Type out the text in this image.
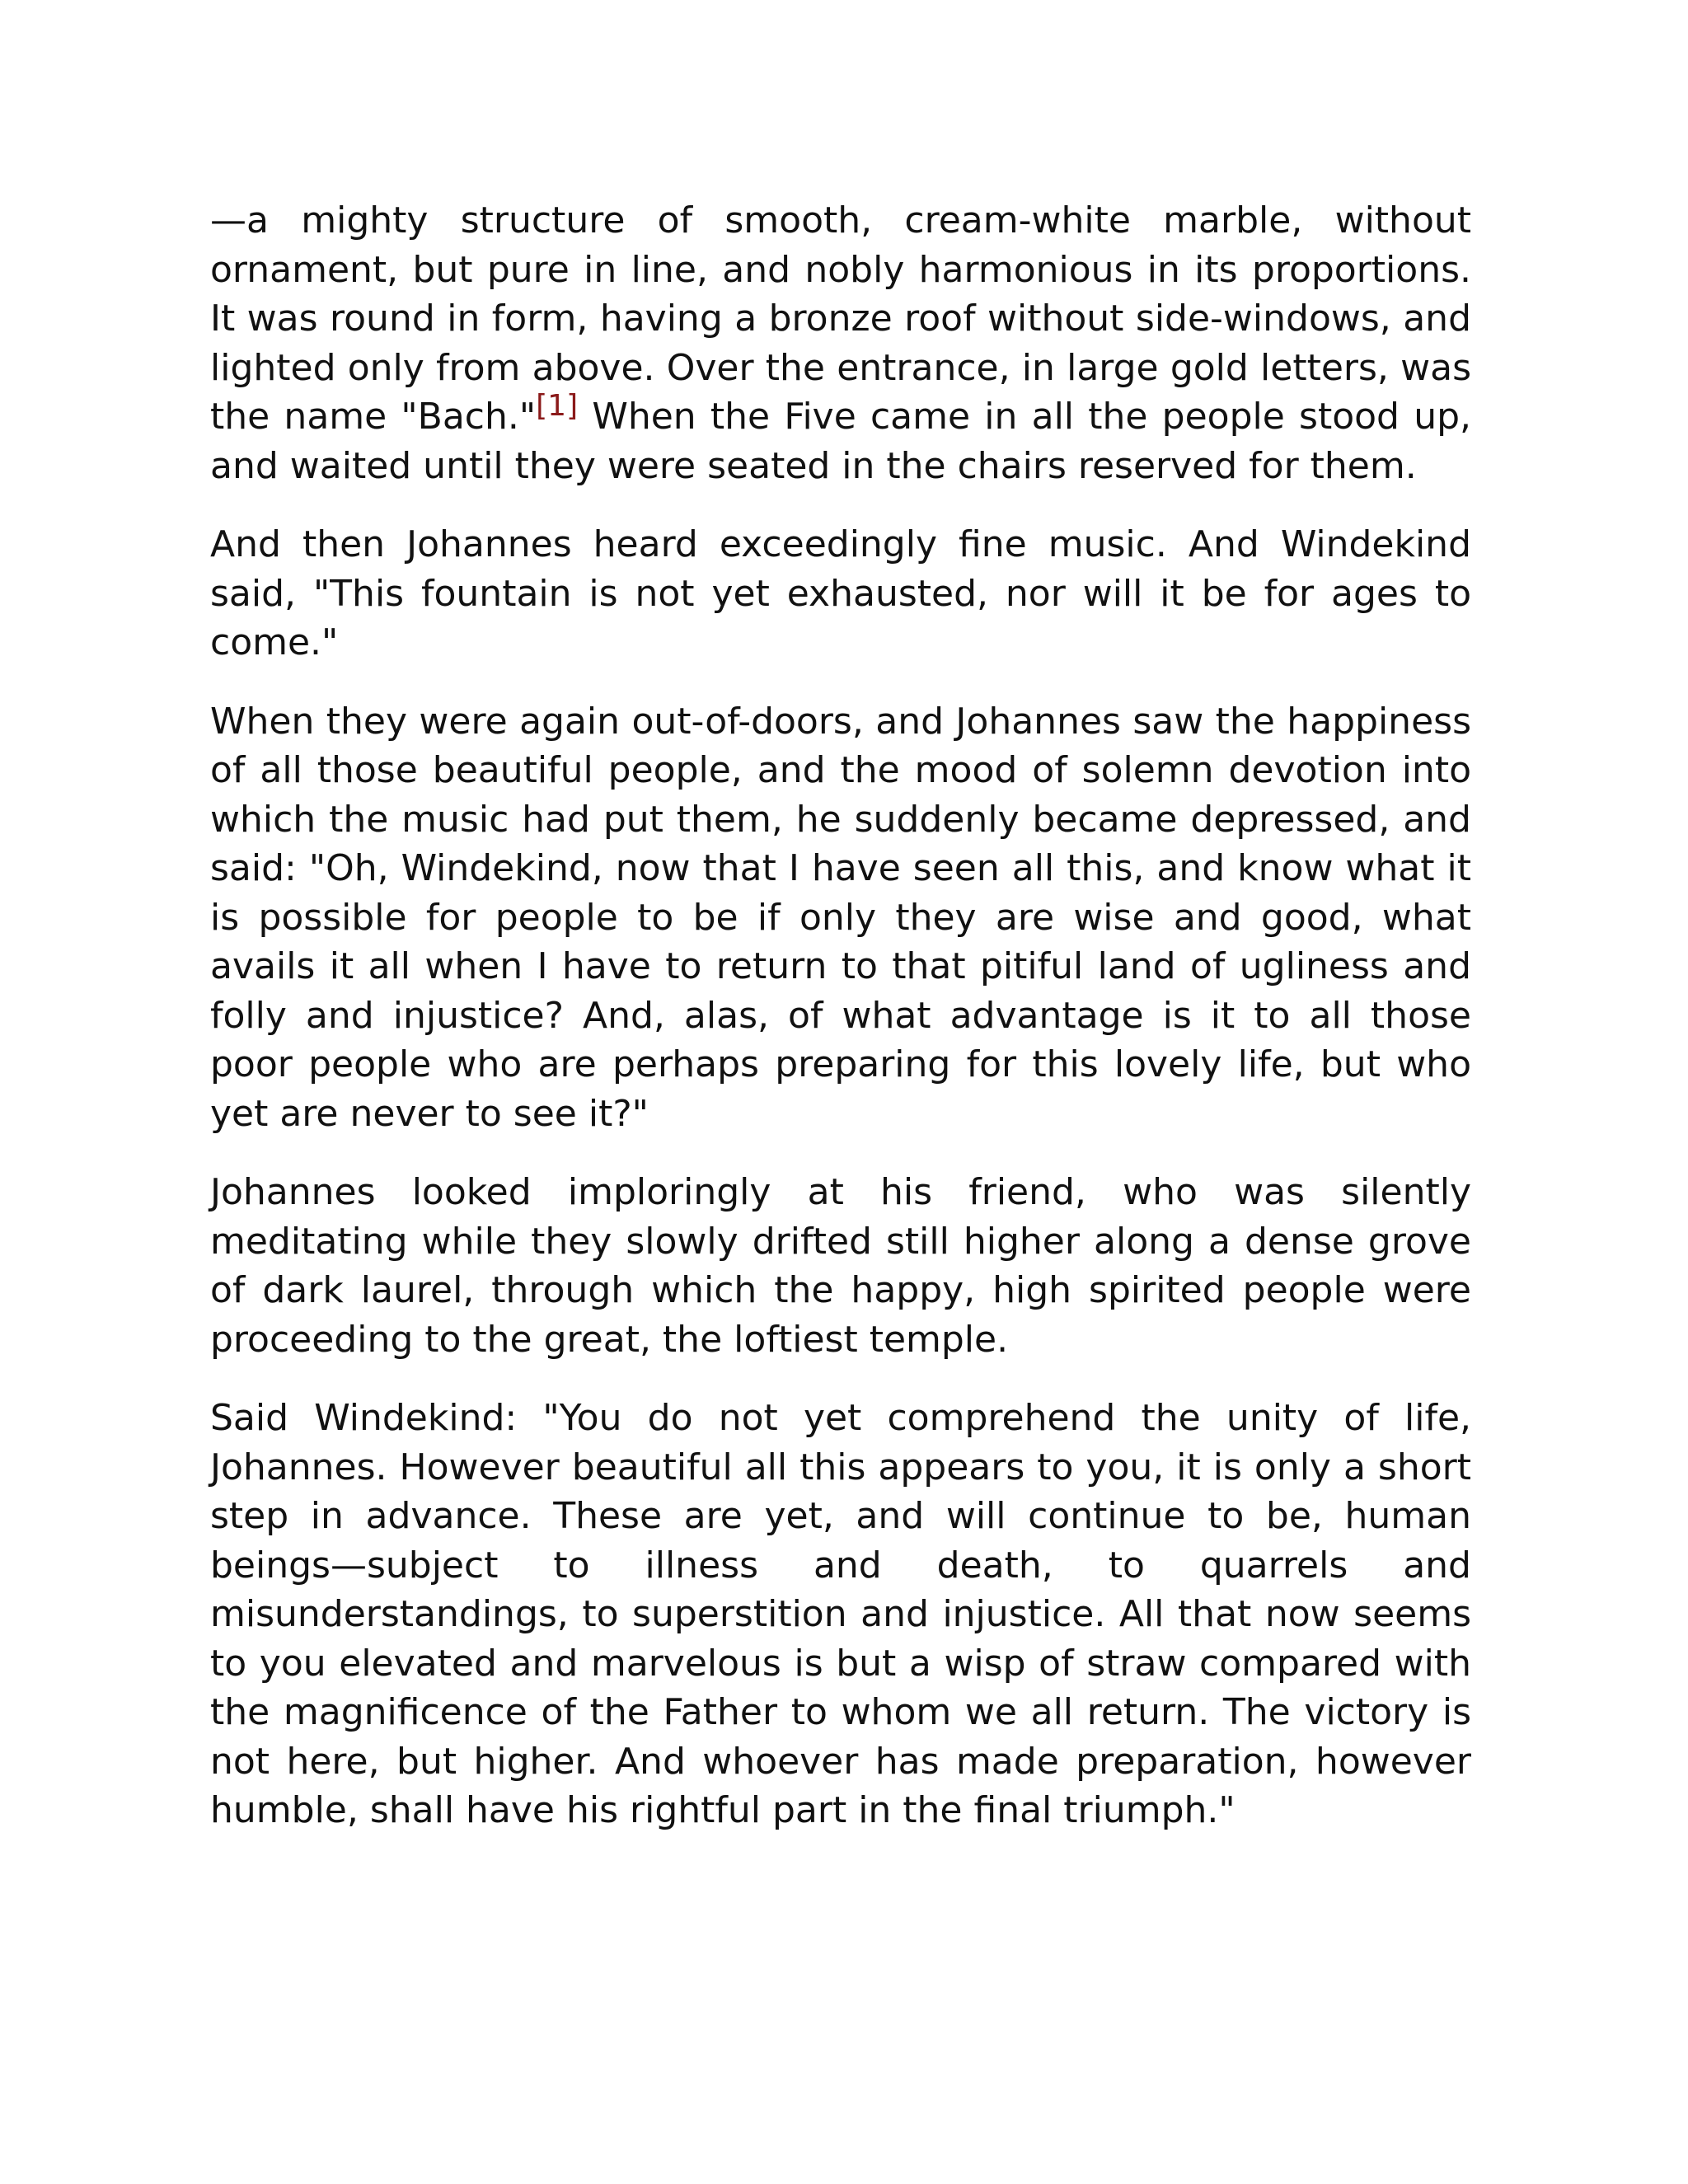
—a mighty structure of smooth, cream-white marble, without ornament, but pure in line, and nobly harmonious in its proportions. It was round in form, having a bronze roof without side-windows, and lighted only from above. Over the entrance, in large gold letters, was the name "Bach."[1] When the Five came in all the people stood up, and waited until they were seated in the chairs reserved for them.

And then Johannes heard exceedingly fine music. And Windekind said, "This fountain is not yet exhausted, nor will it be for ages to come."

When they were again out-of-doors, and Johannes saw the happiness of all those beautiful people, and the mood of solemn devotion into which the music had put them, he suddenly became depressed, and said: "Oh, Windekind, now that I have seen all this, and know what it is possible for people to be if only they are wise and good, what avails it all when I have to return to that pitiful land of ugliness and folly and injustice? And, alas, of what advantage is it to all those poor people who are perhaps preparing for this lovely life, but who yet are never to see it?"

Johannes looked imploringly at his friend, who was silently meditating while they slowly drifted still higher along a dense grove of dark laurel, through which the happy, high spirited people were proceeding to the great, the loftiest temple.

Said Windekind: "You do not yet comprehend the unity of life, Johannes. However beautiful all this appears to you, it is only a short step in advance. These are yet, and will continue to be, human beings—subject to illness and death, to quarrels and misunderstandings, to superstition and injustice. All that now seems to you elevated and marvelous is but a wisp of straw compared with the magnificence of the Father to whom we all return. The victory is not here, but higher. And whoever has made preparation, however humble, shall have his rightful part in the final triumph."
